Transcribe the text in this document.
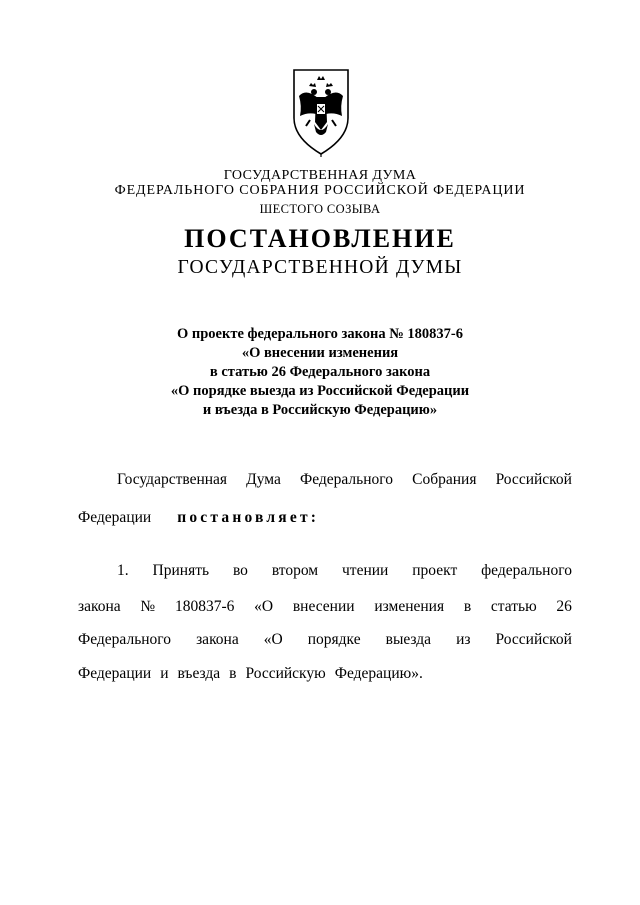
ГОСУДАРСТВЕННАЯ ДУМА
ФЕДЕРАЛЬНОГО СОБРАНИЯ РОССИЙСКОЙ ФЕДЕРАЦИИ
ШЕСТОГО СОЗЫВА
ПОСТАНОВЛЕНИЕ
ГОСУДАРСТВЕННОЙ ДУМЫ
О проекте федерального закона № 180837-6
«О внесении изменения
в статью 26 Федерального закона
«О порядке выезда из Российской Федерации
и въезда в Российскую Федерацию»
Государственная Дума Федерального Собрания Российской
Федерации постановляет:
1. Принять во втором чтении проект федерального
закона № 180837-6 «О внесении изменения в статью 26
Федерального закона «О порядке выезда из Российской
Федерации и въезда в Российскую Федерацию».
